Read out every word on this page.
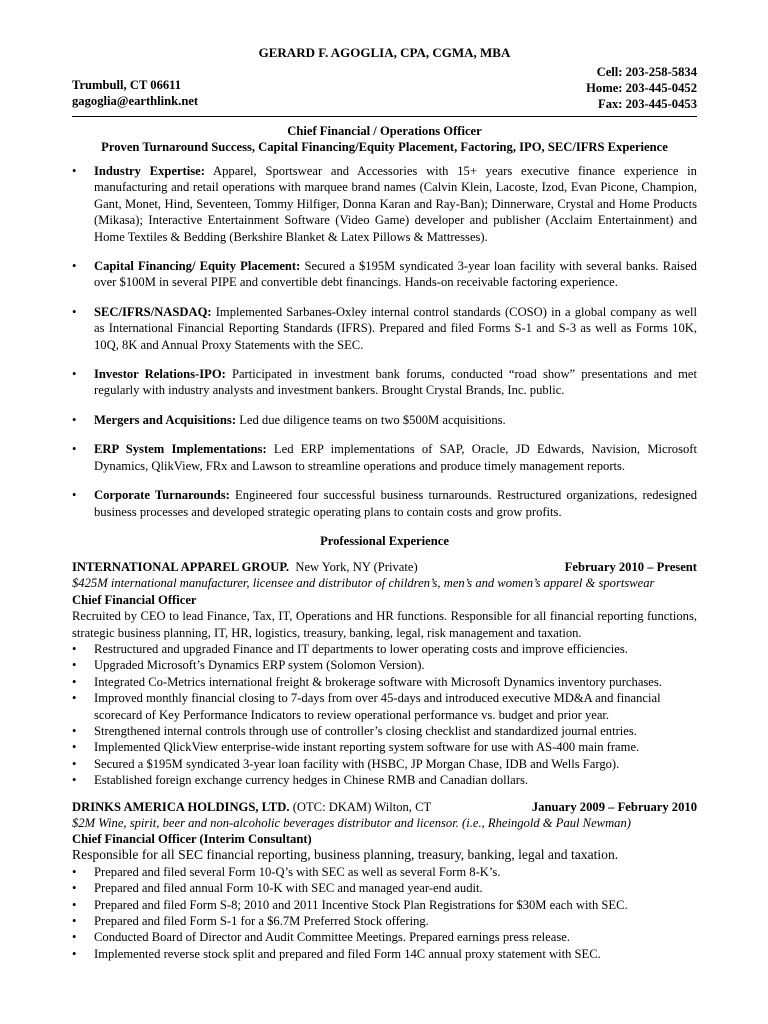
GERARD F. AGOGLIA, CPA, CGMA, MBA
Trumbull, CT 06611
gagoglia@earthlink.net
Cell: 203-258-5834
Home: 203-445-0452
Fax: 203-445-0453
Chief Financial / Operations Officer
Proven Turnaround Success, Capital Financing/Equity Placement, Factoring, IPO, SEC/IFRS Experience
• Industry Expertise: Apparel, Sportswear and Accessories with 15+ years executive finance experience in manufacturing and retail operations with marquee brand names (Calvin Klein, Lacoste, Izod, Evan Picone, Champion, Gant, Monet, Hind, Seventeen, Tommy Hilfiger, Donna Karan and Ray-Ban); Dinnerware, Crystal and Home Products (Mikasa); Interactive Entertainment Software (Video Game) developer and publisher (Acclaim Entertainment) and Home Textiles & Bedding (Berkshire Blanket & Latex Pillows & Mattresses).
• Capital Financing/ Equity Placement: Secured a $195M syndicated 3-year loan facility with several banks. Raised over $100M in several PIPE and convertible debt financings. Hands-on receivable factoring experience.
• SEC/IFRS/NASDAQ: Implemented Sarbanes-Oxley internal control standards (COSO) in a global company as well as International Financial Reporting Standards (IFRS). Prepared and filed Forms S-1 and S-3 as well as Forms 10K, 10Q, 8K and Annual Proxy Statements with the SEC.
• Investor Relations-IPO: Participated in investment bank forums, conducted “road show” presentations and met regularly with industry analysts and investment bankers. Brought Crystal Brands, Inc. public.
• Mergers and Acquisitions: Led due diligence teams on two $500M acquisitions.
• ERP System Implementations: Led ERP implementations of SAP, Oracle, JD Edwards, Navision, Microsoft Dynamics, QlikView, FRx and Lawson to streamline operations and produce timely management reports.
• Corporate Turnarounds: Engineered four successful business turnarounds. Restructured organizations, redesigned business processes and developed strategic operating plans to contain costs and grow profits.
Professional Experience
INTERNATIONAL APPAREL GROUP. New York, NY (Private)	February 2010 – Present
$425M international manufacturer, licensee and distributor of children’s, men’s and women’s apparel & sportswear
Chief Financial Officer
Recruited by CEO to lead Finance, Tax, IT, Operations and HR functions. Responsible for all financial reporting functions, strategic business planning, IT, HR, logistics, treasury, banking, legal, risk management and taxation.
• Restructured and upgraded Finance and IT departments to lower operating costs and improve efficiencies.
• Upgraded Microsoft’s Dynamics ERP system (Solomon Version).
• Integrated Co-Metrics international freight & brokerage software with Microsoft Dynamics inventory purchases.
• Improved monthly financial closing to 7-days from over 45-days and introduced executive MD&A and financial scorecard of Key Performance Indicators to review operational performance vs. budget and prior year.
• Strengthened internal controls through use of controller’s closing checklist and standardized journal entries.
• Implemented QlickView enterprise-wide instant reporting system software for use with AS-400 main frame.
• Secured a $195M syndicated 3-year loan facility with (HSBC, JP Morgan Chase, IDB and Wells Fargo).
• Established foreign exchange currency hedges in Chinese RMB and Canadian dollars.
DRINKS AMERICA HOLDINGS, LTD. (OTC: DKAM) Wilton, CT	January 2009 – February 2010
$2M Wine, spirit, beer and non-alcoholic beverages distributor and licensor. (i.e., Rheingold & Paul Newman)
Chief Financial Officer (Interim Consultant)
Responsible for all SEC financial reporting, business planning, treasury, banking, legal and taxation.
• Prepared and filed several Form 10-Q’s with SEC as well as several Form 8-K’s.
• Prepared and filed annual Form 10-K with SEC and managed year-end audit.
• Prepared and filed Form S-8; 2010 and 2011 Incentive Stock Plan Registrations for $30M each with SEC.
• Prepared and filed Form S-1 for a $6.7M Preferred Stock offering.
• Conducted Board of Director and Audit Committee Meetings. Prepared earnings press release.
• Implemented reverse stock split and prepared and filed Form 14C annual proxy statement with SEC.
